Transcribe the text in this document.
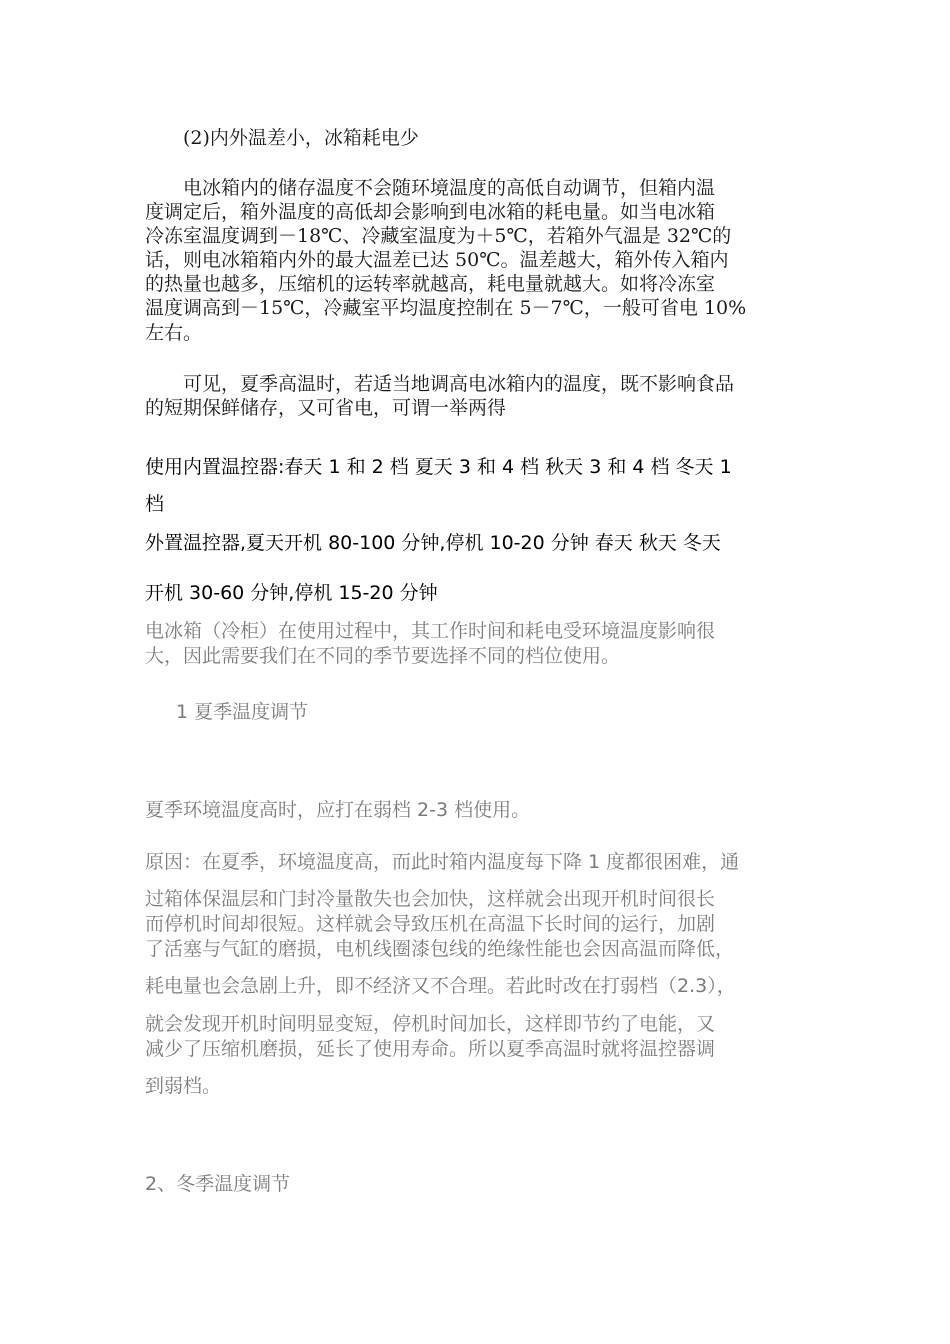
(2)内外温差小，冰箱耗电少

电冰箱内的储存温度不会随环境温度的高低自动调节，但箱内温

度调定后，箱外温度的高低却会影响到电冰箱的耗电量。如当电冰箱

冷冻室温度调到－18℃、冷藏室温度为＋5℃，若箱外气温是 32℃的

话，则电冰箱箱内外的最大温差已达 50℃。温差越大，箱外传入箱内

的热量也越多，压缩机的运转率就越高，耗电量就越大。如将冷冻室

温度调高到－15℃，冷藏室平均温度控制在 5－7℃，一般可省电 10%

左右。

可见，夏季高温时，若适当地调高电冰箱内的温度，既不影响食品

的短期保鲜储存，又可省电，可谓一举两得

使用内置温控器:春天 1 和 2 档 夏天 3 和 4 档 秋天 3 和 4 档 冬天 1

档

外置温控器,夏天开机 80-100 分钟,停机 10-20 分钟 春天 秋天 冬天

开机 30-60 分钟,停机 15-20 分钟

电冰箱（冷柜）在使用过程中，其工作时间和耗电受环境温度影响很

大，因此需要我们在不同的季节要选择不同的档位使用。

1 夏季温度调节

夏季环境温度高时，应打在弱档 2-3 档使用。

原因：在夏季，环境温度高，而此时箱内温度每下降 1 度都很困难，通

过箱体保温层和门封冷量散失也会加快，这样就会出现开机时间很长

而停机时间却很短。这样就会导致压机在高温下长时间的运行，加剧

了活塞与气缸的磨损，电机线圈漆包线的绝缘性能也会因高温而降低，

耗电量也会急剧上升，即不经济又不合理。若此时改在打弱档（2.3），

就会发现开机时间明显变短，停机时间加长，这样即节约了电能，又

减少了压缩机磨损，延长了使用寿命。所以夏季高温时就将温控器调

到弱档。

2、冬季温度调节
